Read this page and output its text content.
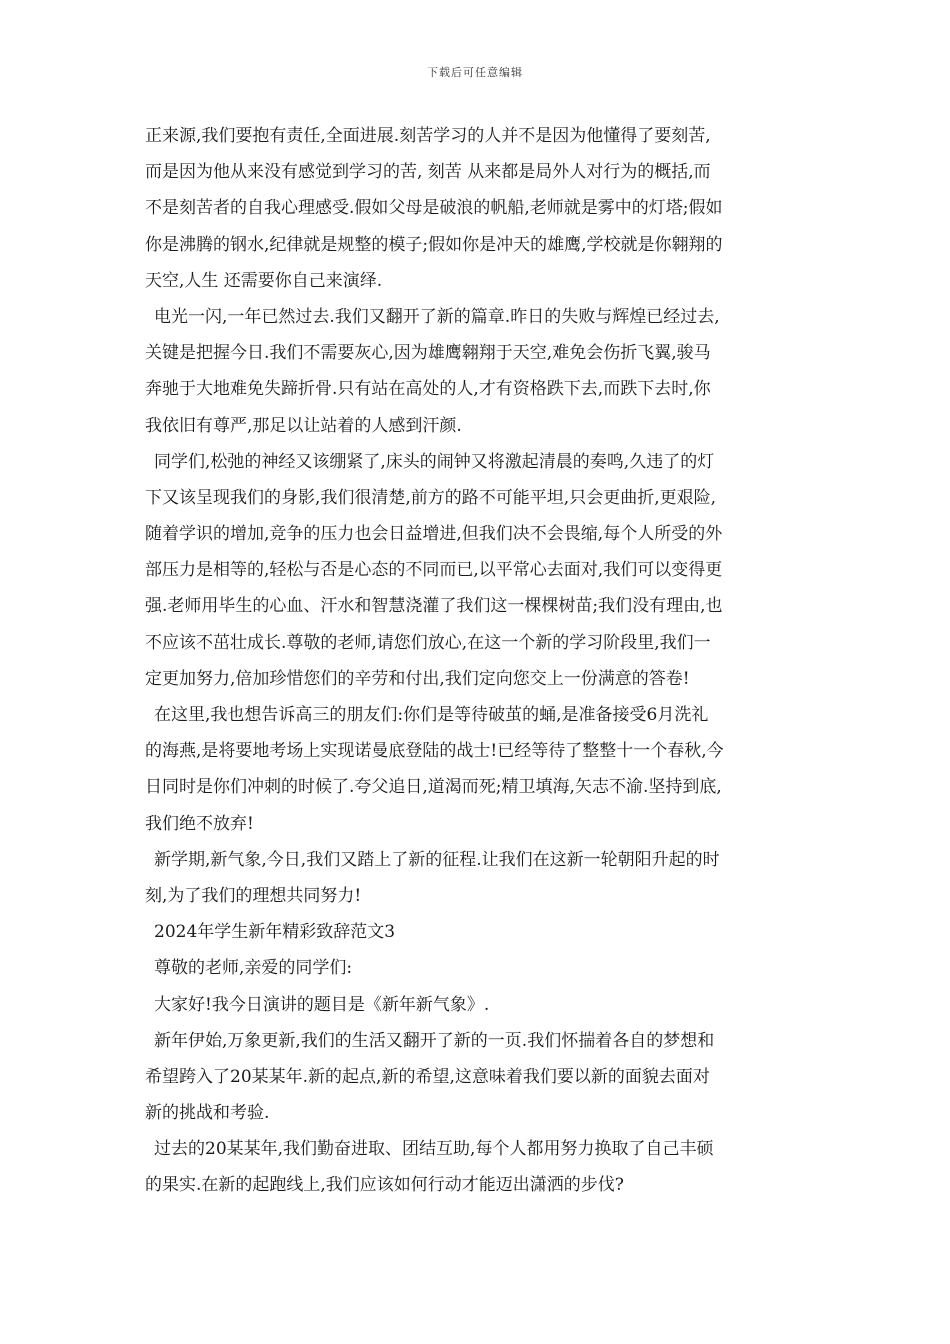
下载后可任意编辑
正来源,我们要抱有责任,全面进展.刻苦学习的人并不是因为他懂得了要刻苦,
而是因为他从来没有感觉到学习的苦, 刻苦 从来都是局外人对行为的概括,而
不是刻苦者的自我心理感受.假如父母是破浪的帆船,老师就是雾中的灯塔;假如
你是沸腾的钢水,纪律就是规整的模子;假如你是冲天的雄鹰,学校就是你翱翔的
天空,人生 还需要你自己来演绎.
电光一闪,一年已然过去.我们又翻开了新的篇章.昨日的失败与辉煌已经过去,
关键是把握今日.我们不需要灰心,因为雄鹰翱翔于天空,难免会伤折飞翼,骏马
奔驰于大地难免失蹄折骨.只有站在高处的人,才有资格跌下去,而跌下去时,你
我依旧有尊严,那足以让站着的人感到汗颜.
同学们,松弛的神经又该绷紧了,床头的闹钟又将激起清晨的奏鸣,久违了的灯
下又该呈现我们的身影,我们很清楚,前方的路不可能平坦,只会更曲折,更艰险,
随着学识的增加,竞争的压力也会日益增进,但我们决不会畏缩,每个人所受的外
部压力是相等的,轻松与否是心态的不同而已,以平常心去面对,我们可以变得更
强.老师用毕生的心血、汗水和智慧浇灌了我们这一棵棵树苗;我们没有理由,也
不应该不茁壮成长.尊敬的老师,请您们放心,在这一个新的学习阶段里,我们一
定更加努力,倍加珍惜您们的辛劳和付出,我们定向您交上一份满意的答卷!
在这里,我也想告诉高三的朋友们:你们是等待破茧的蛹,是准备接受6月洗礼
的海燕,是将要地考场上实现诺曼底登陆的战士!已经等待了整整十一个春秋,今
日同时是你们冲刺的时候了.夸父追日,道渴而死;精卫填海,矢志不渝.坚持到底,
我们绝不放弃!
新学期,新气象,今日,我们又踏上了新的征程.让我们在这新一轮朝阳升起的时
刻,为了我们的理想共同努力!
2024年学生新年精彩致辞范文3
尊敬的老师,亲爱的同学们:
大家好!我今日演讲的题目是《新年新气象》.
新年伊始,万象更新,我们的生活又翻开了新的一页.我们怀揣着各自的梦想和
希望跨入了20某某年.新的起点,新的希望,这意味着我们要以新的面貌去面对
新的挑战和考验.
过去的20某某年,我们勤奋进取、团结互助,每个人都用努力换取了自己丰硕
的果实.在新的起跑线上,我们应该如何行动才能迈出潇洒的步伐?
